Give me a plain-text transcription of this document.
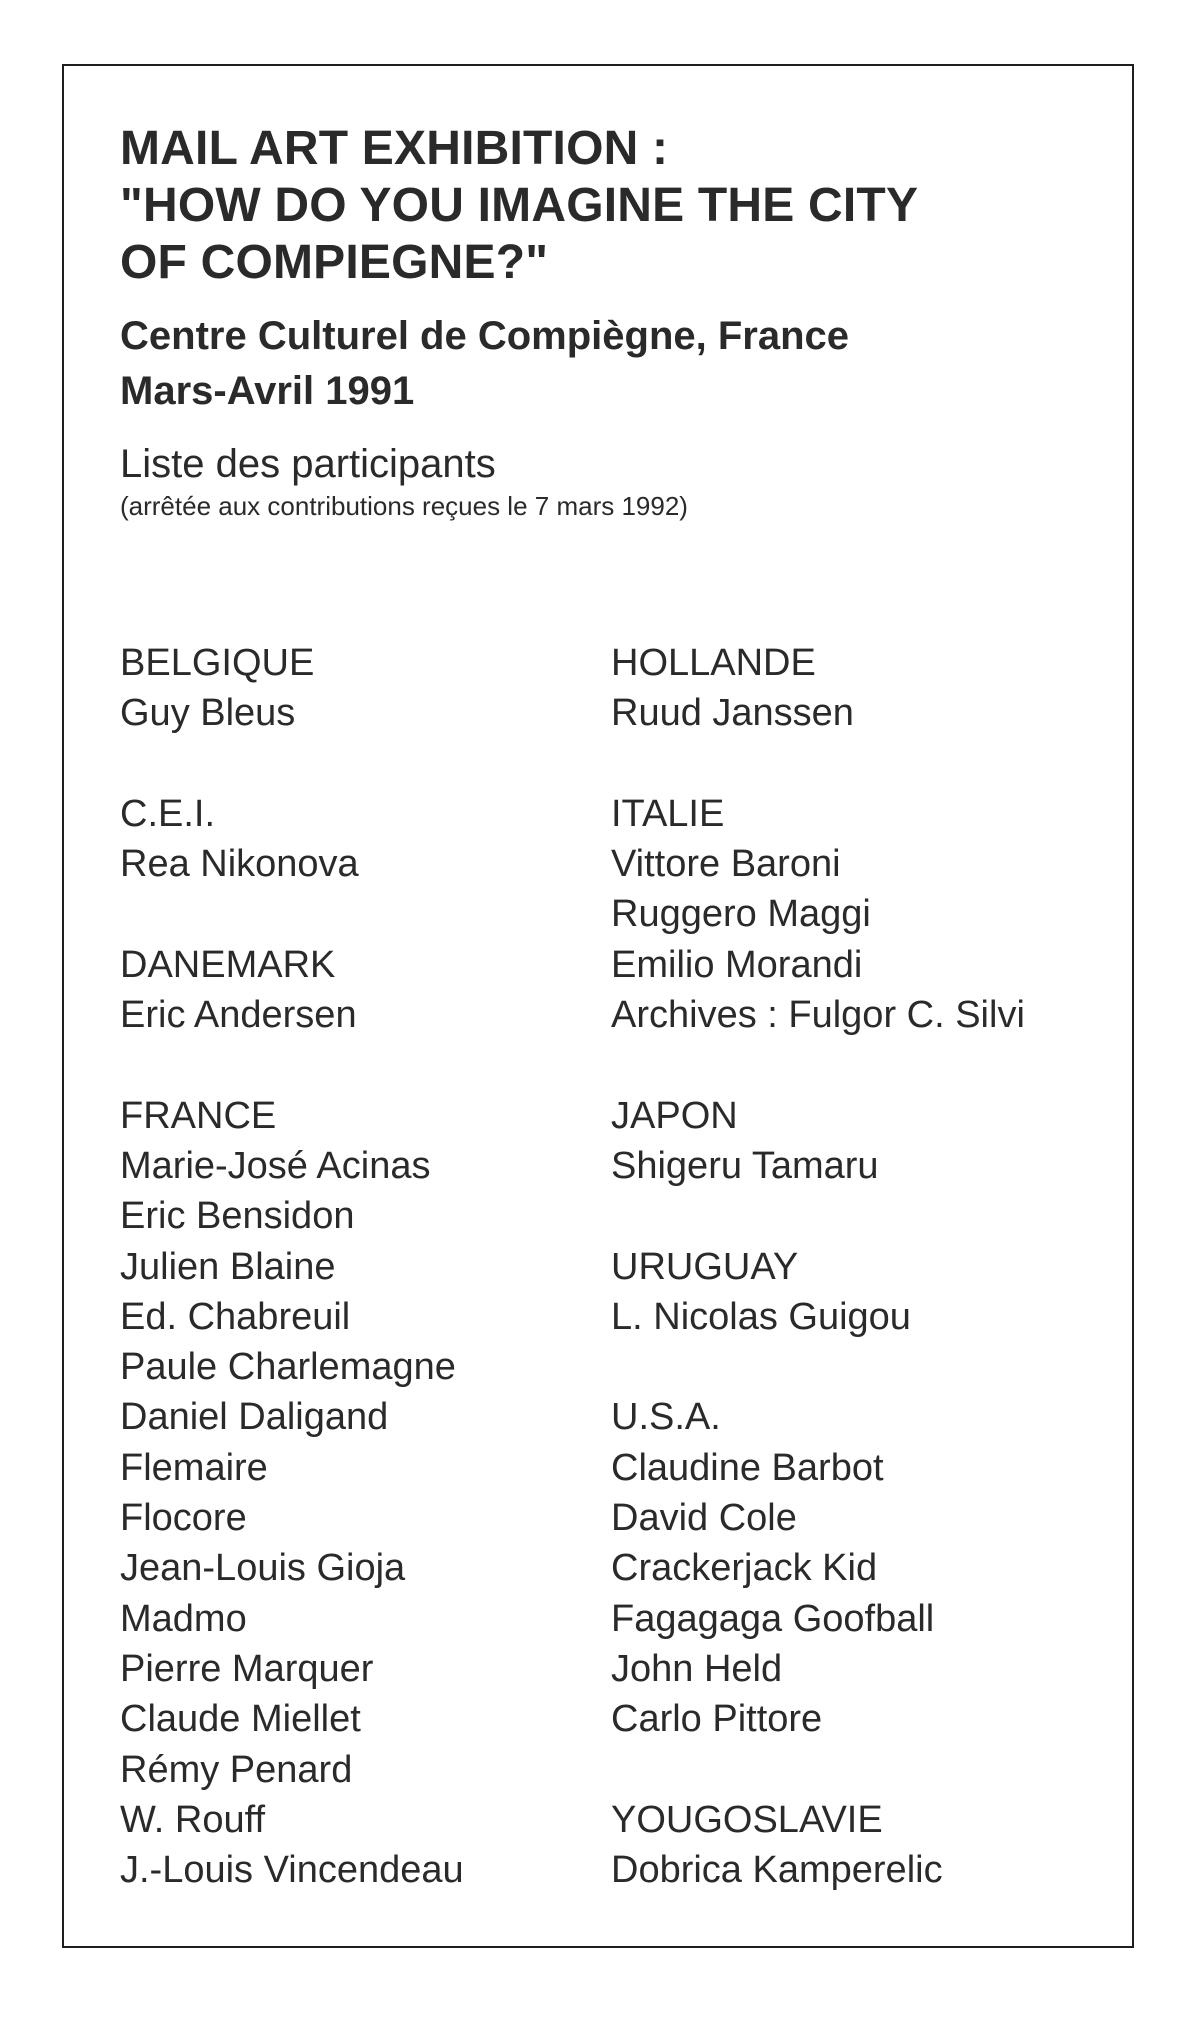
MAIL ART EXHIBITION :
"HOW DO YOU IMAGINE THE CITY
OF COMPIEGNE?"

Centre Culturel de Compiègne, France
Mars-Avril 1991

Liste des participants

(arrêtée aux contributions reçues le 7 mars 1992)

BELGIQUE
Guy Bleus
C.E.I.
Rea Nikonova
DANEMARK
Eric Andersen
FRANCE
Marie-José Acinas
Eric Bensidon
Julien Blaine
Ed. Chabreuil
Paule Charlemagne
Daniel Daligand
Flemaire
Flocore
Jean-Louis Gioja
Madmo
Pierre Marquer
Claude Miellet
Rémy Penard
W. Rouff
J.-Louis Vincendeau
HOLLANDE
Ruud Janssen
ITALIE
Vittore Baroni
Ruggero Maggi
Emilio Morandi
Archives : Fulgor C. Silvi
JAPON
Shigeru Tamaru
URUGUAY
L. Nicolas Guigou
U.S.A.
Claudine Barbot
David Cole
Crackerjack Kid
Fagagaga Goofball
John Held
Carlo Pittore
YOUGOSLAVIE
Dobrica Kamperelic
